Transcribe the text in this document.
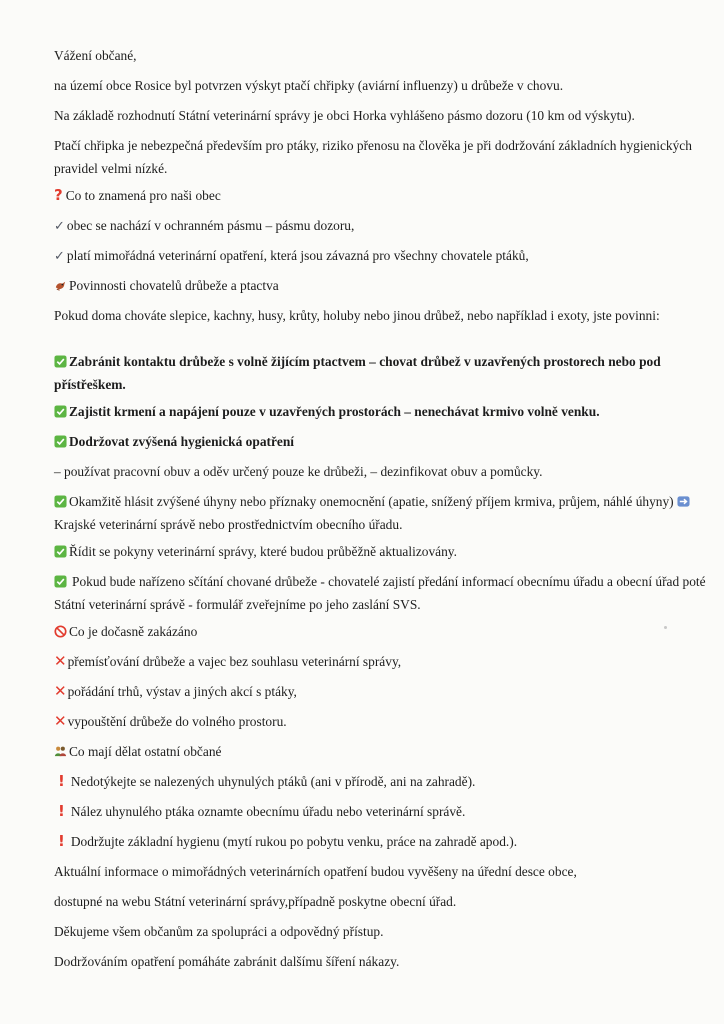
Vážení občané,

na území obce Rosice byl potvrzen výskyt ptačí chřipky (aviární influenzy) u drůbeže v chovu.

Na základě rozhodnutí Státní veterinární správy je obci Horka vyhlášeno pásmo dozoru (10 km od výskytu).

Ptačí chřipka je nebezpečná především pro ptáky, riziko přenosu na člověka je při dodržování základních hygienických pravidel velmi nízké.

? Co to znamená pro naši obec

✓ obec se nachází v ochranném pásmu – pásmu dozoru,

✓ platí mimořádná veterinární opatření, která jsou závazná pro všechny chovatele ptáků,

Povinnosti chovatelů drůbeže a ptactva

Pokud doma chováte slepice, kachny, husy, krůty, holuby nebo jinou drůbež, nebo například i exoty, jste povinni:

Zabránit kontaktu drůbeže s volně žijícím ptactvem – chovat drůbež v uzavřených prostorech nebo pod přístřeškem.

Zajistit krmení a napájení pouze v uzavřených prostorách – nenechávat krmivo volně venku.

Dodržovat zvýšená hygienická opatření

– používat pracovní obuv a oděv určený pouze ke drůbeži, – dezinfikovat obuv a pomůcky.

Okamžitě hlásit zvýšené úhyny nebo příznaky onemocnění (apatie, snížený příjem krmiva, průjem, náhlé úhyny)
Krajské veterinární správě nebo prostřednictvím obecního úřadu.

Řídit se pokyny veterinární správy, které budou průběžně aktualizovány.

Pokud bude nařízeno sčítání chované drůbeže - chovatelé zajistí předání informací obecnímu úřadu a obecní úřad poté Státní veterinární správě - formulář zveřejníme po jeho zaslání SVS.

Co je dočasně zakázáno

✕přemísťování drůbeže a vajec bez souhlasu veterinární správy,

✕pořádání trhů, výstav a jiných akcí s ptáky,

✕vypouštění drůbeže do volného prostoru.

Co mají dělat ostatní občané

! Nedotýkejte se nalezených uhynulých ptáků (ani v přírodě, ani na zahradě).

! Nález uhynulého ptáka oznamte obecnímu úřadu nebo veterinární správě.

! Dodržujte základní hygienu (mytí rukou po pobytu venku, práce na zahradě apod.).

Aktuální informace o mimořádných veterinárních opatření budou vyvěšeny na úřední desce obce,

dostupné na webu Státní veterinární správy,případně poskytne obecní úřad.

Děkujeme všem občanům za spolupráci a odpovědný přístup.

Dodržováním opatření pomáháte zabránit dalšímu šíření nákazy.
